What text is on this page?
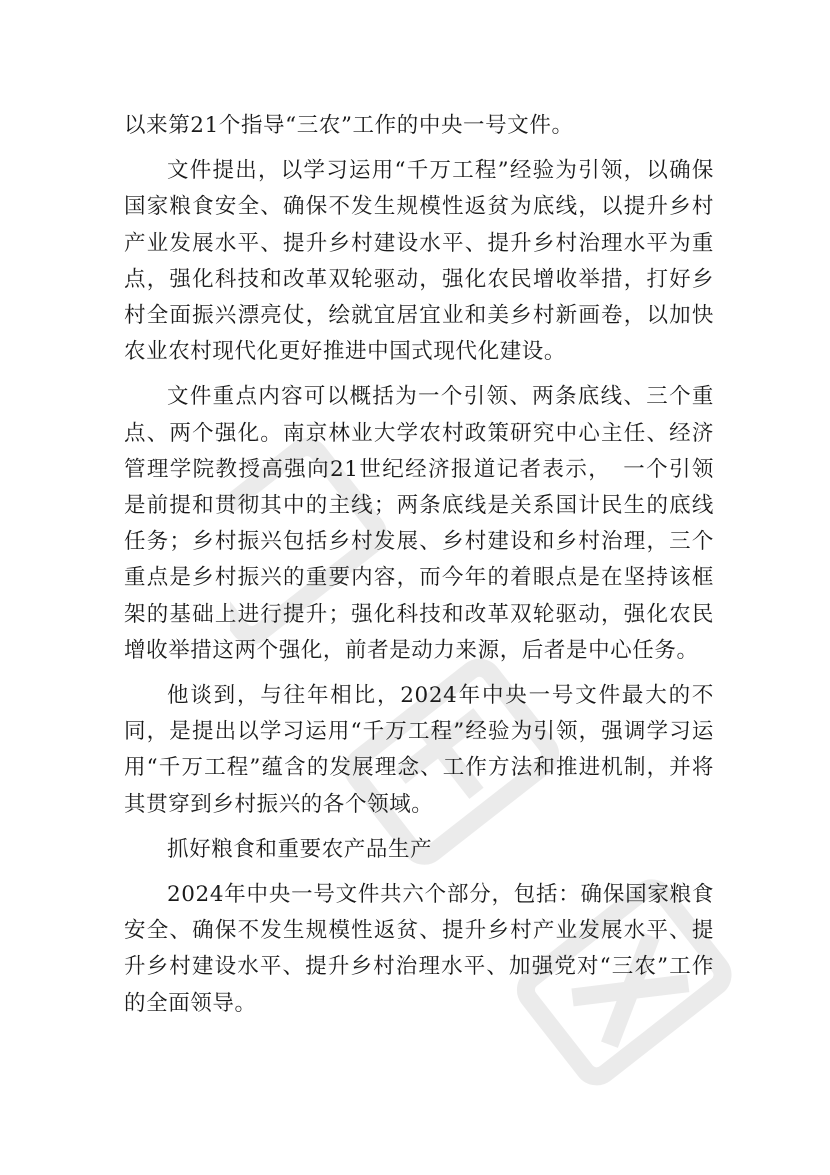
以来第21个指导“三农”工作的中央一号文件。

文件提出，以学习运用“千万工程”经验为引领，以确保国家粮食安全、确保不发生规模性返贫为底线，以提升乡村产业发展水平、提升乡村建设水平、提升乡村治理水平为重点，强化科技和改革双轮驱动，强化农民增收举措，打好乡村全面振兴漂亮仗，绘就宜居宜业和美乡村新画卷，以加快农业农村现代化更好推进中国式现代化建设。

文件重点内容可以概括为一个引领、两条底线、三个重点、两个强化。南京林业大学农村政策研究中心主任、经济管理学院教授高强向21世纪经济报道记者表示，　一个引领是前提和贯彻其中的主线；两条底线是关系国计民生的底线任务；乡村振兴包括乡村发展、乡村建设和乡村治理，三个重点是乡村振兴的重要内容，而今年的着眼点是在坚持该框架的基础上进行提升；强化科技和改革双轮驱动，强化农民增收举措这两个强化，前者是动力来源，后者是中心任务。

他谈到，与往年相比，2024年中央一号文件最大的不同，是提出以学习运用“千万工程”经验为引领，强调学习运用“千万工程”蕴含的发展理念、工作方法和推进机制，并将其贯穿到乡村振兴的各个领域。

抓好粮食和重要农产品生产

2024年中央一号文件共六个部分，包括：确保国家粮食安全、确保不发生规模性返贫、提升乡村产业发展水平、提升乡村建设水平、提升乡村治理水平、加强党对“三农”工作的全面领导。
